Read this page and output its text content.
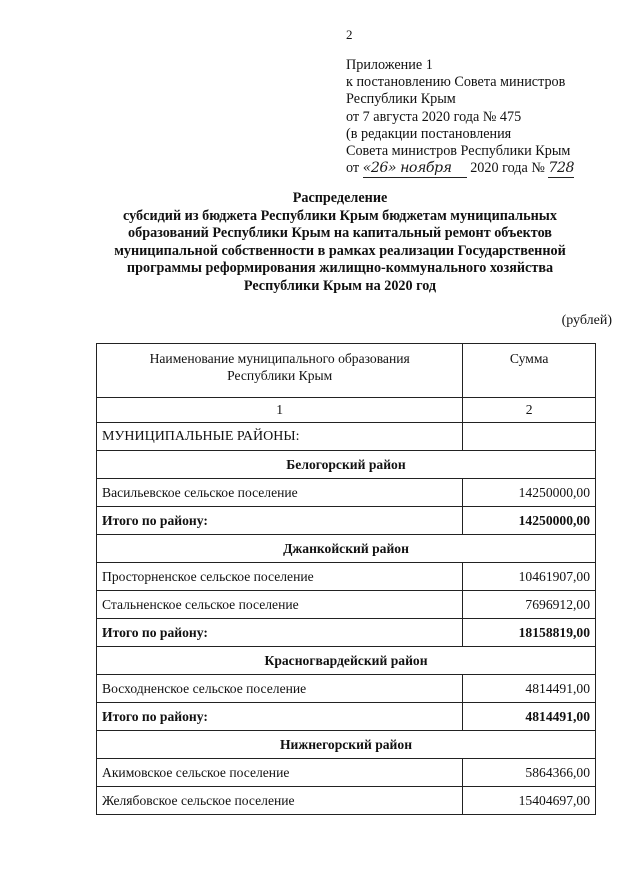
2
Приложение 1
к постановлению Совета министров
Республики Крым
от 7 августа 2020 года № 475
(в редакции постановления
Совета министров Республики Крым
от «26» ноября 2020 года № 728
Распределение
субсидий из бюджета Республики Крым бюджетам муниципальных
образований Республики Крым на капитальный ремонт объектов
муниципальной собственности в рамках реализации Государственной
программы реформирования жилищно-коммунального хозяйства
Республики Крым на 2020 год
(рублей)
Наименование муниципального образования
Республики Крым	Сумма
1	2
МУНИЦИПАЛЬНЫЕ РАЙОНЫ:	
Белогорский район	
Васильевское сельское поселение	14250000,00
Итого по району:	14250000,00
Джанкойский район	
Просторненское сельское поселение	10461907,00
Стальненское сельское поселение	7696912,00
Итого по району:	18158819,00
Красногвардейский район	
Восходненское сельское поселение	4814491,00
Итого по району:	4814491,00
Нижнегорский район	
Акимовское сельское поселение	5864366,00
Желябовское сельское поселение	15404697,00
